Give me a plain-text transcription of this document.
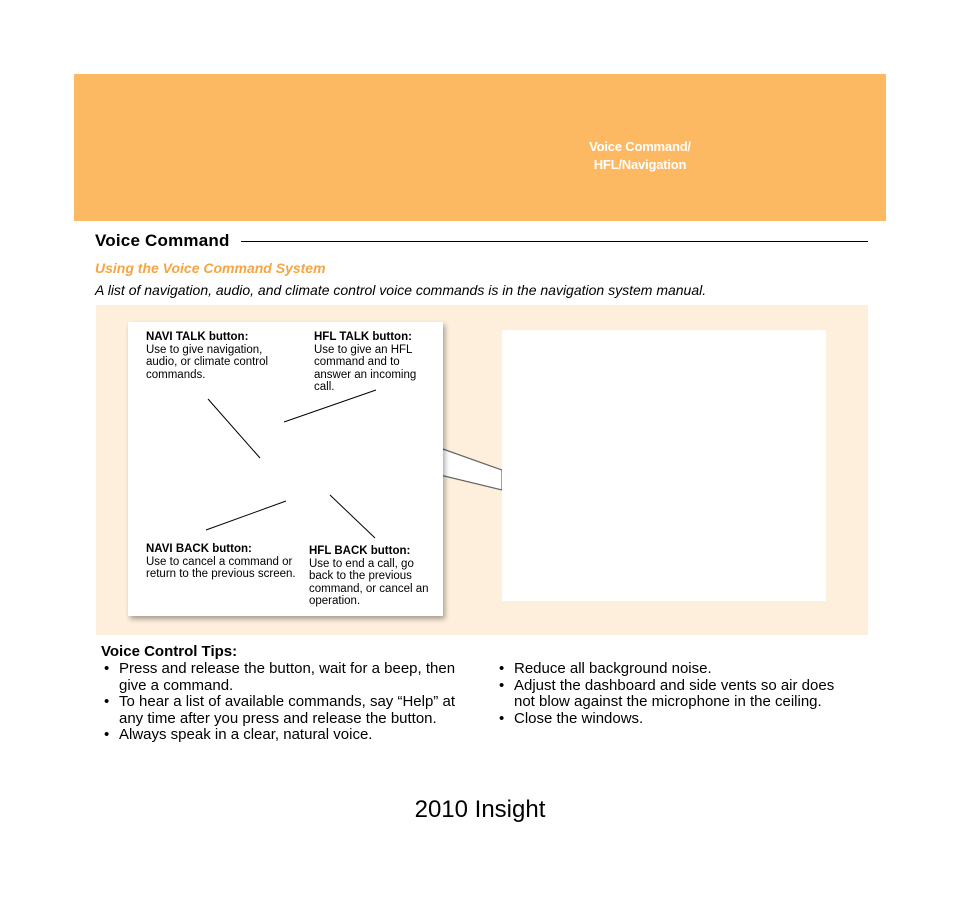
Voice Command/
HFL/Navigation
Voice Command
Using the Voice Command System
A list of navigation, audio, and climate control voice commands is in the navigation system manual.
NAVI TALK button:
Use to give navigation, audio, or climate control commands.
HFL TALK button:
Use to give an HFL command and to answer an incoming call.
NAVI BACK button:
Use to cancel a command or return to the previous screen.
HFL BACK button:
Use to end a call, go back to the previous command, or cancel an operation.
Voice Control Tips:
• Press and release the button, wait for a beep, then give a command.
• To hear a list of available commands, say “Help” at any time after you press and release the button.
• Always speak in a clear, natural voice.
• Reduce all background noise.
• Adjust the dashboard and side vents so air does not blow against the microphone in the ceiling.
• Close the windows.
2010 Insight
